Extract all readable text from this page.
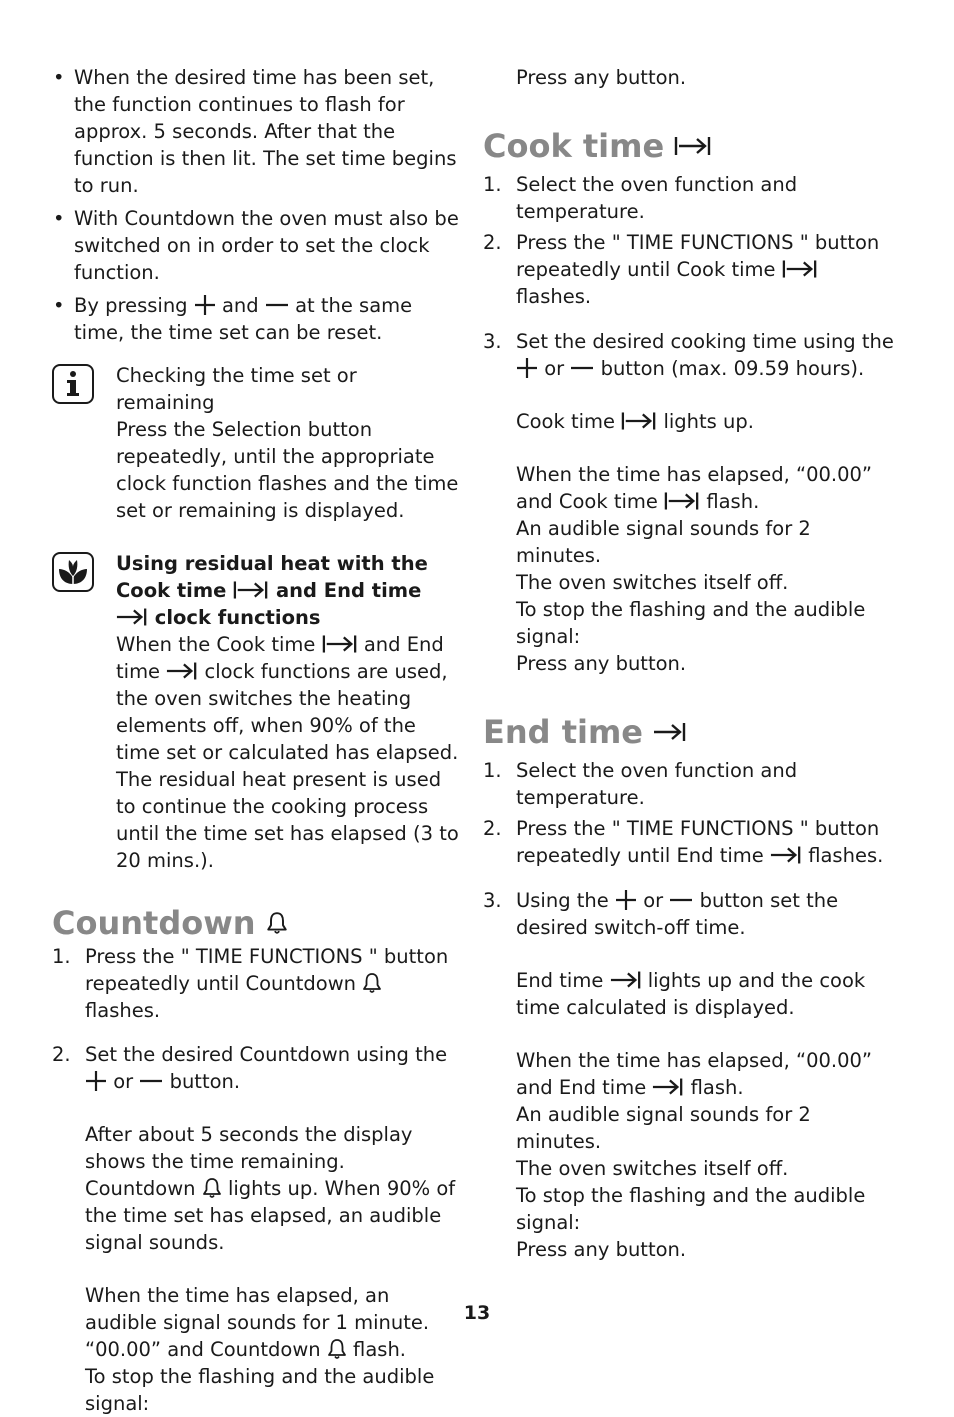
• When the desired time has been set, the function continues to flash for approx. 5 seconds. After that the function is then lit. The set time begins to run.
• With Countdown the oven must also be switched on in order to set the clock function.
• By pressing and at the same time, the time set can be reset.
Checking the time set or remaining
Press the Selection button repeatedly, until the appropriate clock function flashes and the time set or remaining is displayed.
Using residual heat with the
Cook time	and End time
clock functions
When the Cook time and End time clock functions are used, the oven switches the heating elements off, when 90% of the time set or calculated has elapsed. The residual heat present is used to continue the cooking process until the time set has elapsed (3 to 20 mins.).
Countdown
1. Press the " TIME FUNCTIONS " button repeatedly until Countdown  flashes.
2. Set the desired Countdown using the  or button.
After about 5 seconds the display shows the time remaining. Countdown lights up. When 90% of the time set has elapsed, an audible signal sounds.
When the time has elapsed, an audible signal sounds for 1 minute. “00.00” and Countdown flash.
To stop the flashing and the audible signal:
Press any button.
Cook time
1. Select the oven function and temperature.
2. Press the " TIME FUNCTIONS " button repeatedly until Cook time  flashes.
3. Set the desired cooking time using the
or button (max. 09.59 hours).
Cook time lights up.
When the time has elapsed, “00.00” and Cook time flash.
An audible signal sounds for 2 minutes.
The oven switches itself off.
To stop the flashing and the audible signal:
Press any button.
End time
1. Select the oven function and temperature.
2. Press the " TIME FUNCTIONS " button repeatedly until End time flashes.
3. Using the or button set the desired switch-off time.
End time lights up and the cook time calculated is displayed.
When the time has elapsed, “00.00” and End time flash.
An audible signal sounds for 2 minutes.
The oven switches itself off.
To stop the flashing and the audible signal:
Press any button.
13
